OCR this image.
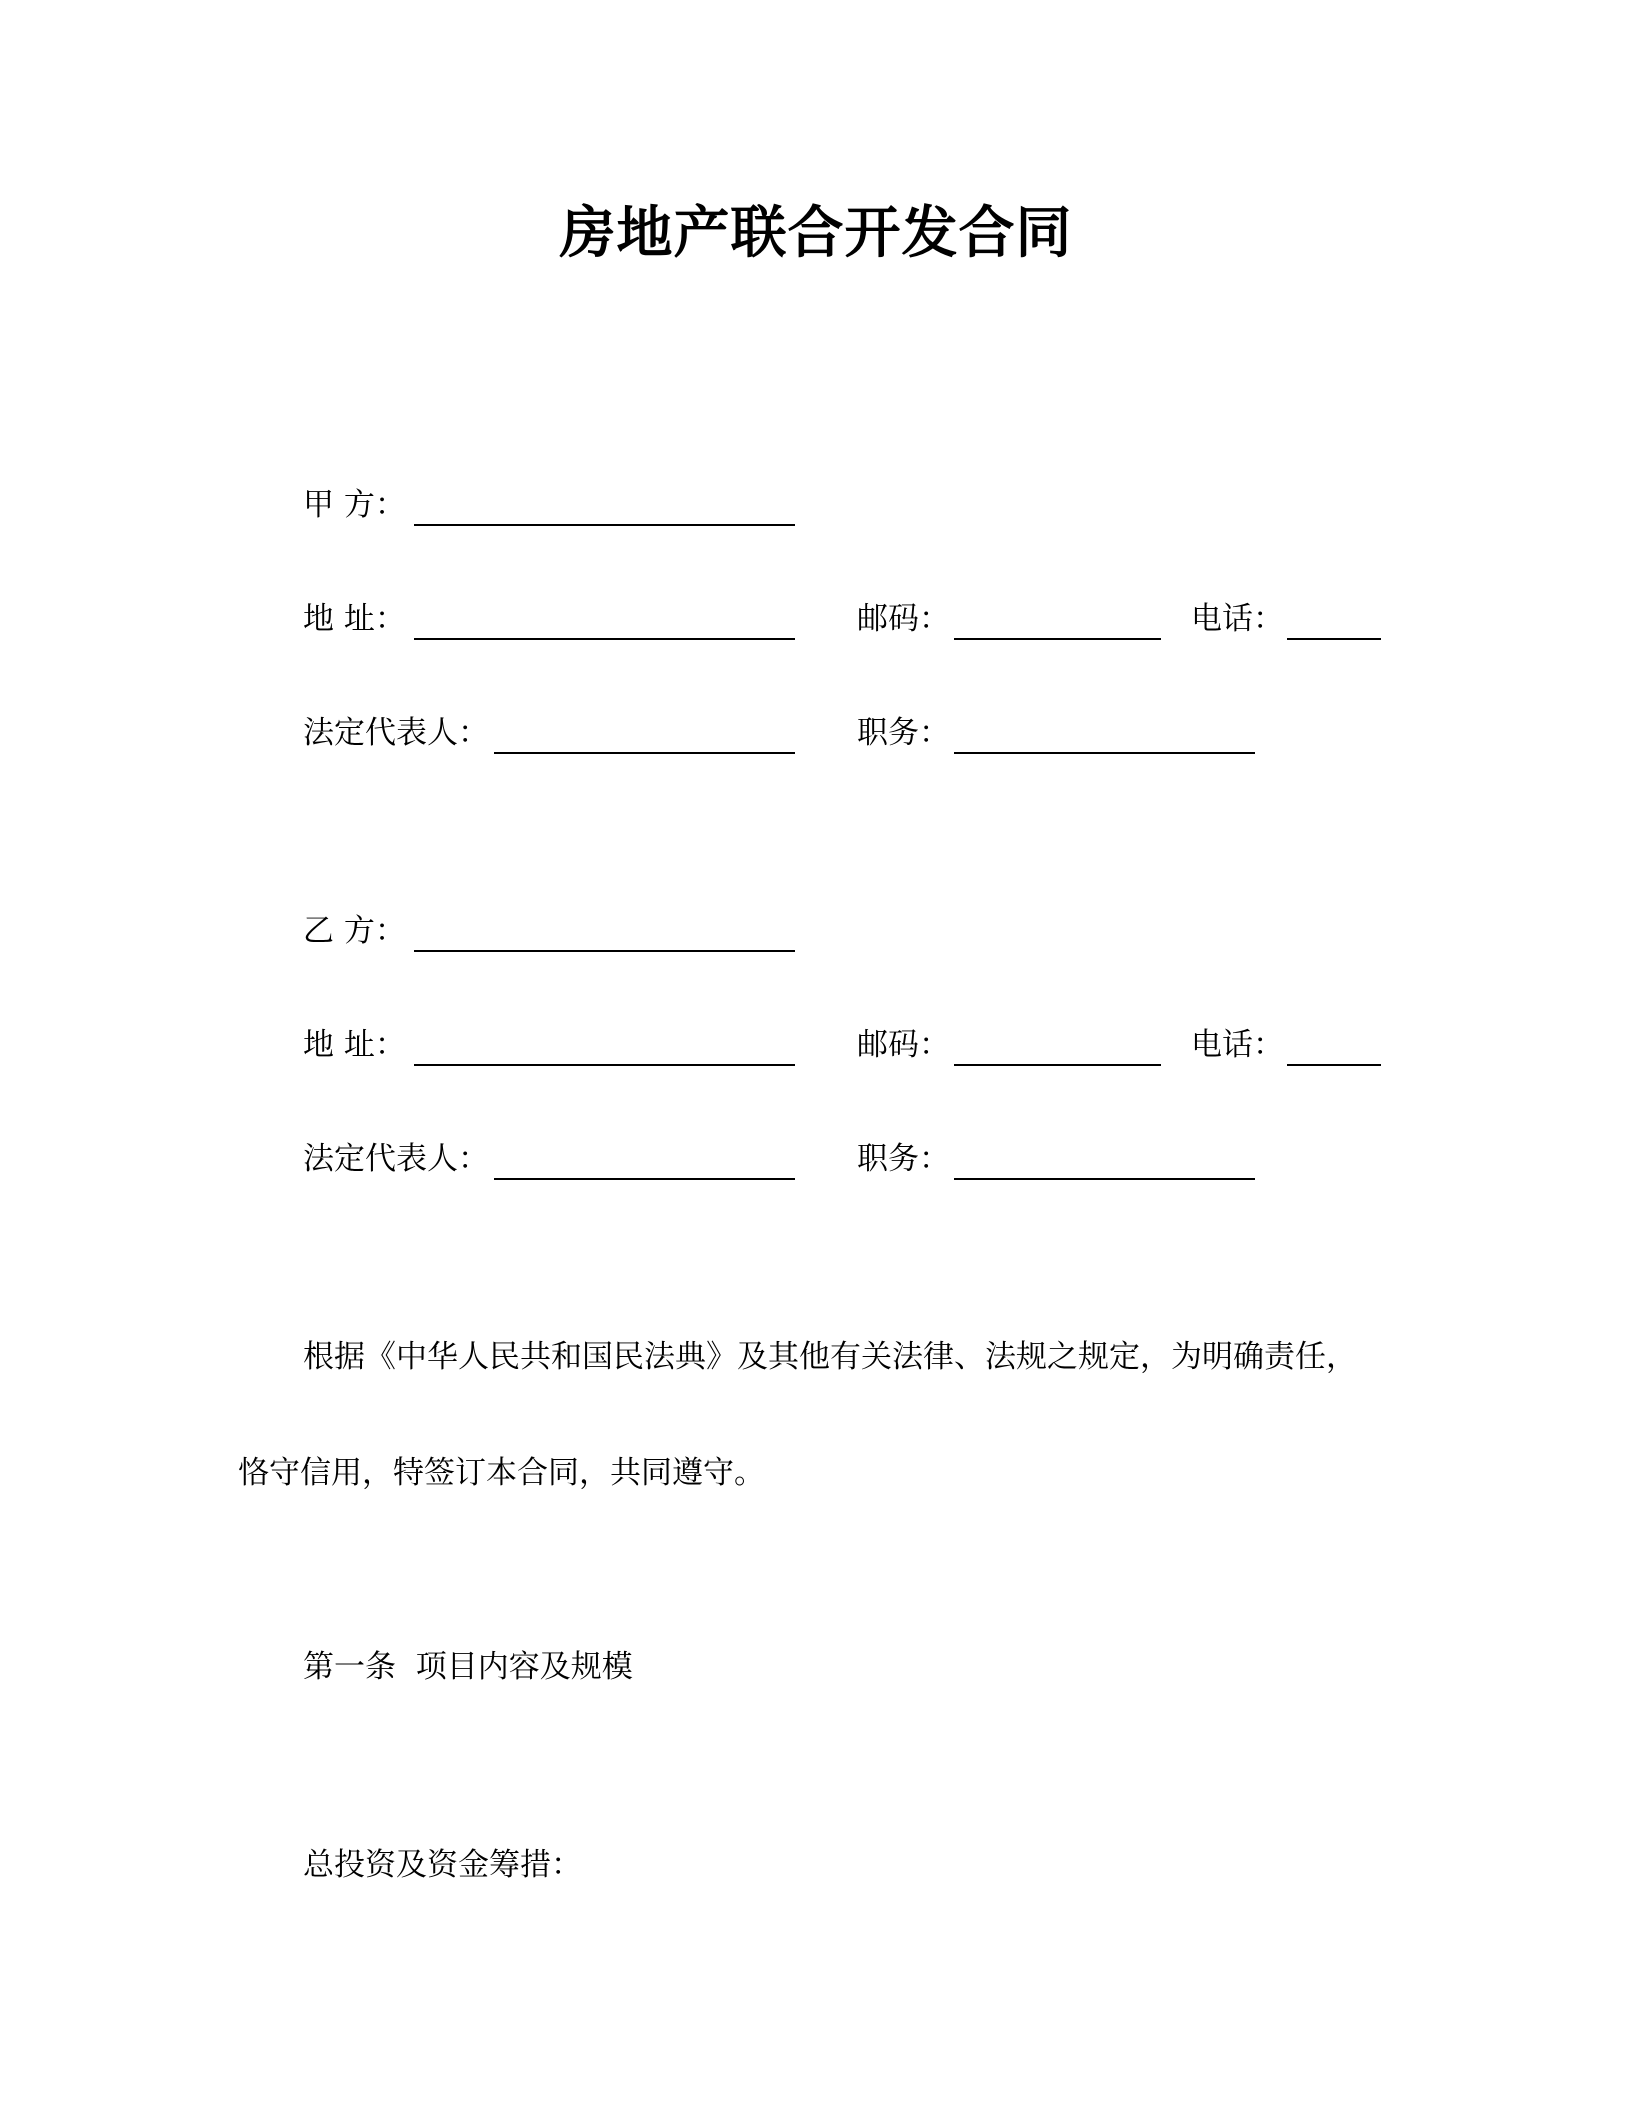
房地产联合开发合同
甲 方：
地 址：	邮码：	电话：
法定代表人：	职务：
乙 方：
地 址：	邮码：	电话：
法定代表人：	职务：
根据《中华人民共和国民法典》及其他有关法律、法规之规定，为明确责任，
恪守信用，特签订本合同，共同遵守。
第一条  项目内容及规模
总投资及资金筹措：
